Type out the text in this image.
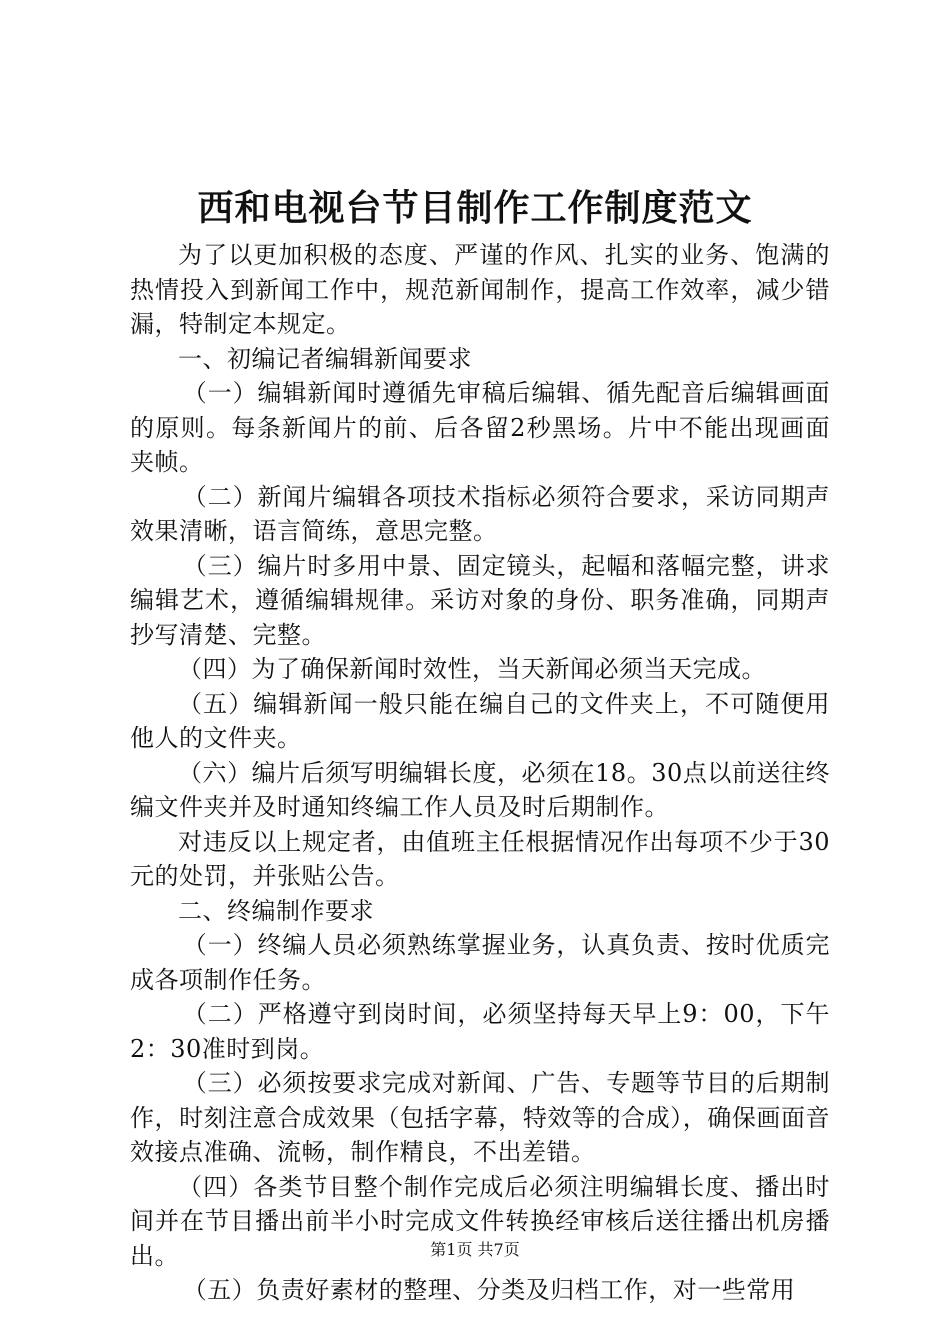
西和电视台节目制作工作制度范文

为了以更加积极的态度、严谨的作风、扎实的业务、饱满的热情投入到新闻工作中，规范新闻制作，提高工作效率，减少错漏，特制定本规定。

一、初编记者编辑新闻要求

（一）编辑新闻时遵循先审稿后编辑、循先配音后编辑画面的原则。每条新闻片的前、后各留2秒黑场。片中不能出现画面夹帧。

（二）新闻片编辑各项技术指标必须符合要求，采访同期声效果清晰，语言简练，意思完整。

（三）编片时多用中景、固定镜头，起幅和落幅完整，讲求编辑艺术，遵循编辑规律。采访对象的身份、职务准确，同期声抄写清楚、完整。

（四）为了确保新闻时效性，当天新闻必须当天完成。

（五）编辑新闻一般只能在编自己的文件夹上，不可随便用他人的文件夹。

（六）编片后须写明编辑长度，必须在18。30点以前送往终编文件夹并及时通知终编工作人员及时后期制作。

对违反以上规定者，由值班主任根据情况作出每项不少于30元的处罚，并张贴公告。

二、终编制作要求

（一）终编人员必须熟练掌握业务，认真负责、按时优质完成各项制作任务。

（二）严格遵守到岗时间，必须坚持每天早上9：00，下午2：30准时到岗。

（三）必须按要求完成对新闻、广告、专题等节目的后期制作，时刻注意合成效果（包括字幕，特效等的合成），确保画面音效接点准确、流畅，制作精良，不出差错。

（四）各类节目整个制作完成后必须注明编辑长度、播出时间并在节目播出前半小时完成文件转换经审核后送往播出机房播出。

（五）负责好素材的整理、分类及归档工作，对一些常用

第1页 共7页
